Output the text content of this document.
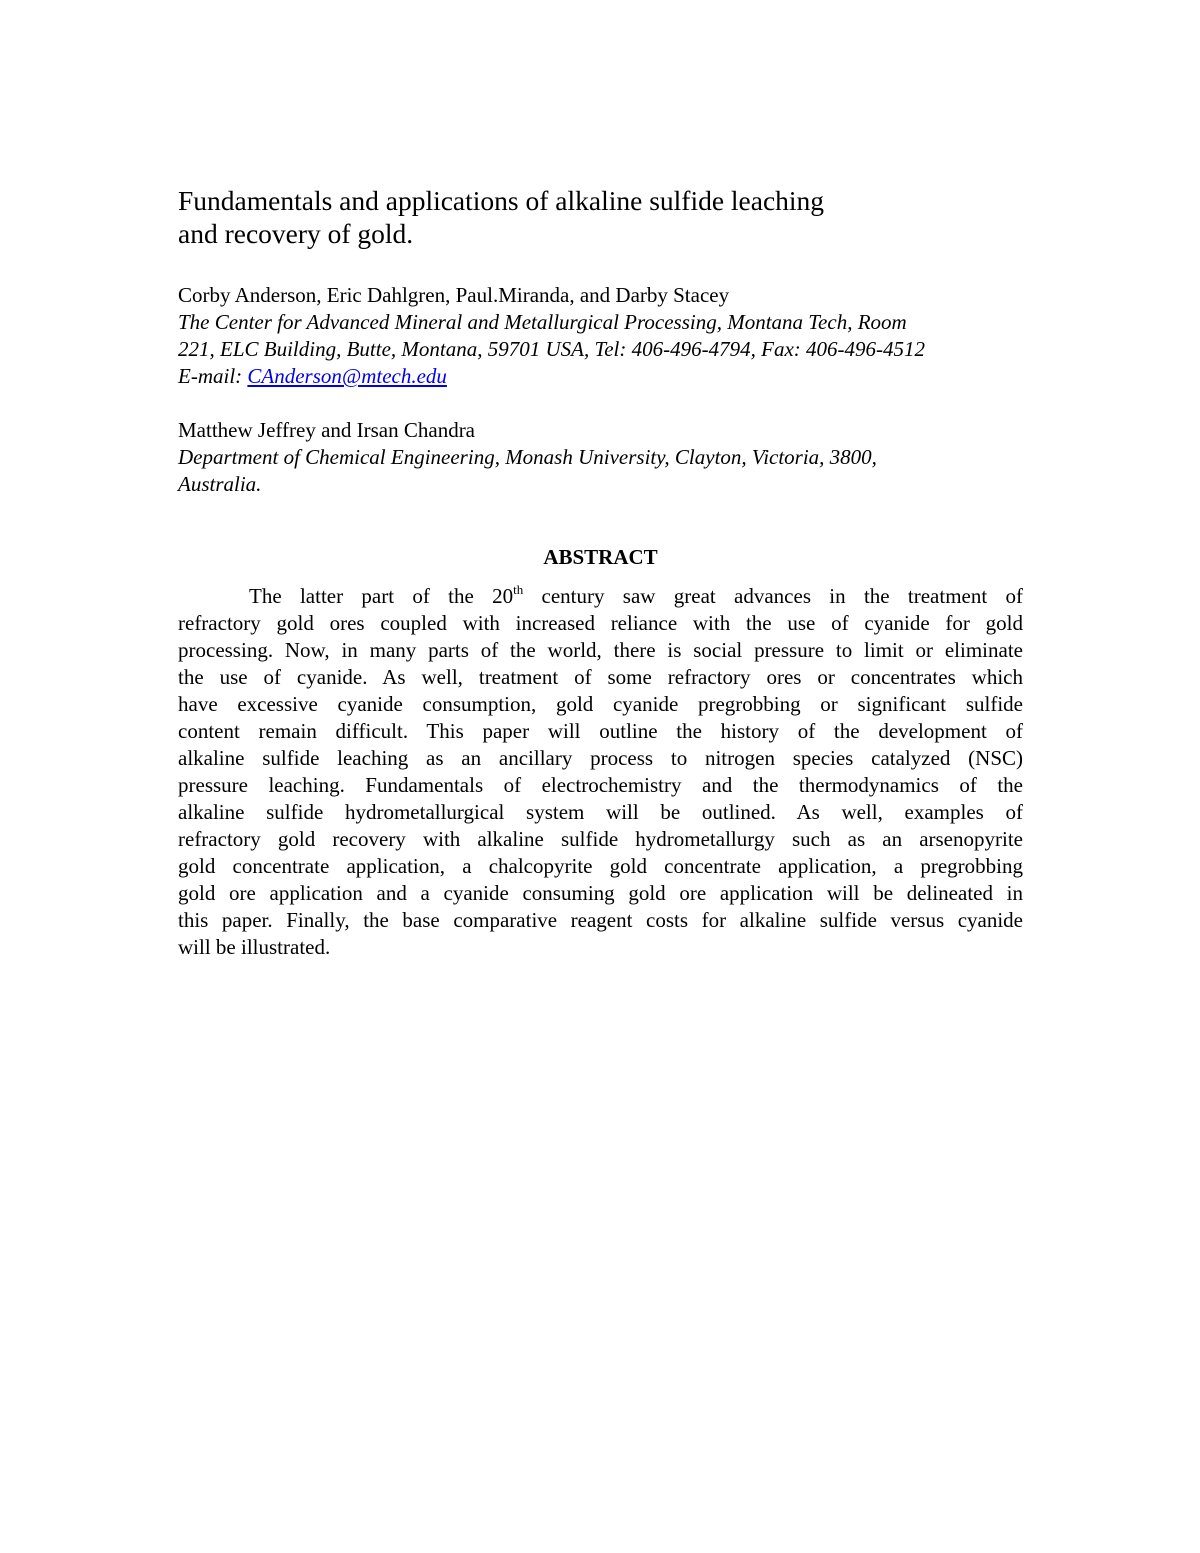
Fundamentals and applications of alkaline sulfide leaching
and recovery of gold.

Corby Anderson, Eric Dahlgren, Paul.Miranda, and Darby Stacey

The Center for Advanced Mineral and Metallurgical Processing, Montana Tech, Room
221, ELC Building, Butte, Montana, 59701 USA, Tel: 406-496-4794, Fax: 406-496-4512
E-mail: CAnderson@mtech.edu

Matthew Jeffrey and Irsan Chandra

Department of Chemical Engineering, Monash University, Clayton, Victoria, 3800,
Australia.

ABSTRACT
The latter part of the 20th century saw great advances in the treatment of
refractory gold ores coupled with increased reliance with the use of cyanide for gold
processing. Now, in many parts of the world, there is social pressure to limit or eliminate
the use of cyanide. As well, treatment of some refractory ores or concentrates which
have excessive cyanide consumption, gold cyanide pregrobbing or significant sulfide
content remain difficult. This paper will outline the history of the development of
alkaline sulfide leaching as an ancillary process to nitrogen species catalyzed (NSC)
pressure leaching. Fundamentals of electrochemistry and the thermodynamics of the
alkaline sulfide hydrometallurgical system will be outlined. As well, examples of
refractory gold recovery with alkaline sulfide hydrometallurgy such as an arsenopyrite
gold concentrate application, a chalcopyrite gold concentrate application, a pregrobbing
gold ore application and a cyanide consuming gold ore application will be delineated in
this paper. Finally, the base comparative reagent costs for alkaline sulfide versus cyanide
will be illustrated.
